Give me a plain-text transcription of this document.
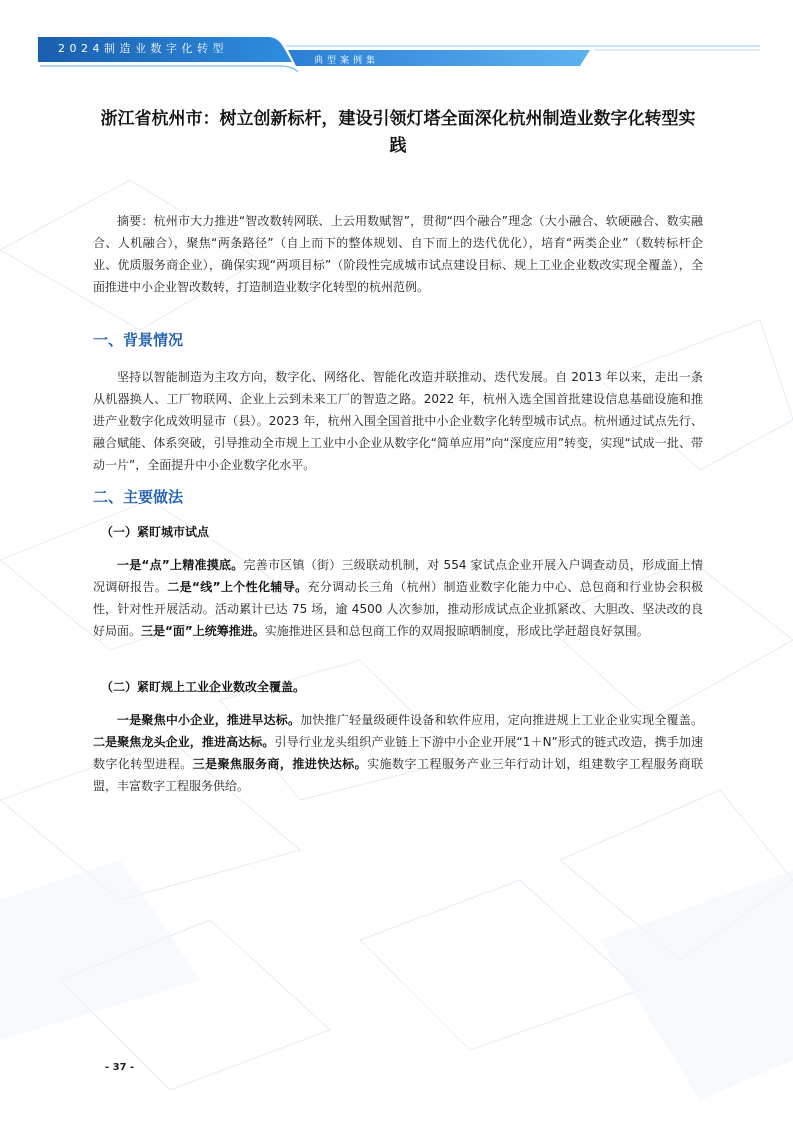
2024制造业数字化转型
典型案例集
浙江省杭州市：树立创新标杆，建设引领灯塔全面深化杭州制造业数字化转型实践
摘要：杭州市大力推进“智改数转网联、上云用数赋智”，贯彻“四个融合”理念（大小融合、软硬融合、数实融合、人机融合），聚焦“两条路径”（自上而下的整体规划、自下而上的迭代优化），培育“两类企业”（数转标杆企业、优质服务商企业），确保实现“两项目标”（阶段性完成城市试点建设目标、规上工业企业数改实现全覆盖），全面推进中小企业智改数转，打造制造业数字化转型的杭州范例。
一、背景情况
坚持以智能制造为主攻方向，数字化、网络化、智能化改造并联推动、迭代发展。自 2013 年以来，走出一条从机器换人、工厂物联网、企业上云到未来工厂的智造之路。2022 年，杭州入选全国首批建设信息基础设施和推进产业数字化成效明显市（县）。2023 年，杭州入围全国首批中小企业数字化转型城市试点。杭州通过试点先行、融合赋能、体系突破，引导推动全市规上工业中小企业从数字化“简单应用”向“深度应用”转变，实现“试成一批、带动一片”，全面提升中小企业数字化水平。
二、主要做法
（一）紧盯城市试点
一是“点”上精准摸底。完善市区镇（街）三级联动机制，对 554 家试点企业开展入户调查动员，形成面上情况调研报告。二是“线”上个性化辅导。充分调动长三角（杭州）制造业数字化能力中心、总包商和行业协会积极性，针对性开展活动。活动累计已达 75 场，逾 4500 人次参加，推动形成试点企业抓紧改、大胆改、坚决改的良好局面。三是“面”上统筹推进。实施推进区县和总包商工作的双周报晾晒制度，形成比学赶超良好氛围。
（二）紧盯规上工业企业数改全覆盖。
一是聚焦中小企业，推进早达标。加快推广轻量级硬件设备和软件应用，定向推进规上工业企业实现全覆盖。二是聚焦龙头企业，推进高达标。引导行业龙头组织产业链上下游中小企业开展“1＋N”形式的链式改造，携手加速数字化转型进程。三是聚焦服务商，推进快达标。实施数字工程服务产业三年行动计划，组建数字工程服务商联盟，丰富数字工程服务供给。
- 37 -
